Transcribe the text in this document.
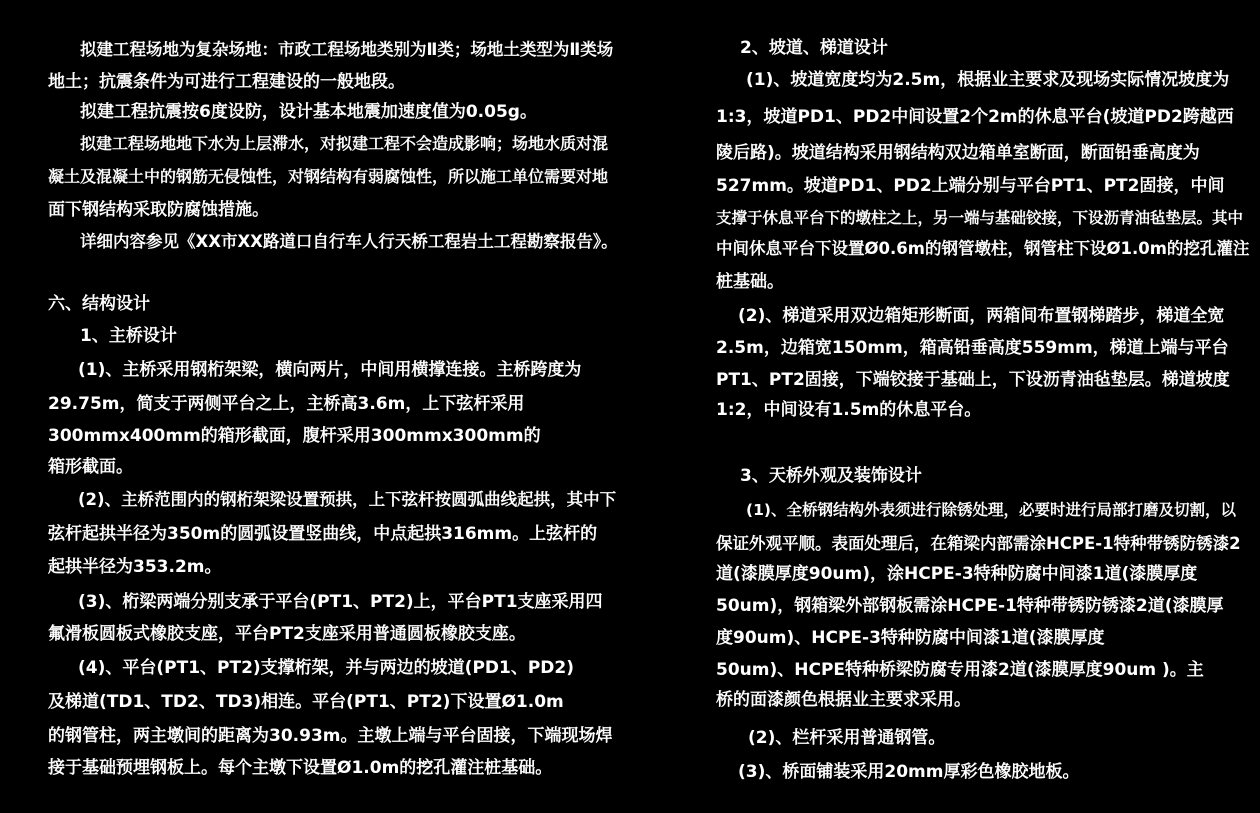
拟建工程场地为复杂场地：市政工程场地类别为Ⅱ类；场地土类型为Ⅱ类场
地土；抗震条件为可进行工程建设的一般地段。
拟建工程抗震按6度设防，设计基本地震加速度值为0.05g。
拟建工程场地地下水为上层滞水，对拟建工程不会造成影响；场地水质对混
凝土及混凝土中的钢筋无侵蚀性，对钢结构有弱腐蚀性，所以施工单位需要对地
面下钢结构采取防腐蚀措施。
详细内容参见《XX市XX路道口自行车人行天桥工程岩土工程勘察报告》。
六、结构设计
1、主桥设计
(1)、主桥采用钢桁架梁，横向两片，中间用横撑连接。主桥跨度为
29.75m，简支于两侧平台之上，主桥高3.6m，上下弦杆采用
300mmx400mm的箱形截面，腹杆采用300mmx300mm的
箱形截面。
(2)、主桥范围内的钢桁架梁设置预拱，上下弦杆按圆弧曲线起拱，其中下
弦杆起拱半径为350m的圆弧设置竖曲线，中点起拱316mm。上弦杆的
起拱半径为353.2m。
(3)、桁梁两端分别支承于平台(PT1、PT2)上，平台PT1支座采用四
氟滑板圆板式橡胶支座，平台PT2支座采用普通圆板橡胶支座。
(4)、平台(PT1、PT2)支撑桁架，并与两边的坡道(PD1、PD2)
及梯道(TD1、TD2、TD3)相连。平台(PT1、PT2)下设置Ø1.0m
的钢管柱，两主墩间的距离为30.93m。主墩上端与平台固接，下端现场焊
接于基础预埋钢板上。每个主墩下设置Ø1.0m的挖孔灌注桩基础。
2、坡道、梯道设计
(1)、坡道宽度均为2.5m，根据业主要求及现场实际情况坡度为
1:3，坡道PD1、PD2中间设置2个2m的休息平台(坡道PD2跨越西
陵后路)。坡道结构采用钢结构双边箱单室断面，断面铅垂高度为
527mm。坡道PD1、PD2上端分别与平台PT1、PT2固接，中间
支撑于休息平台下的墩柱之上，另一端与基础铰接，下设沥青油毡垫层。其中
中间休息平台下设置Ø0.6m的钢管墩柱，钢管柱下设Ø1.0m的挖孔灌注
桩基础。
(2)、梯道采用双边箱矩形断面，两箱间布置钢梯踏步，梯道全宽
2.5m，边箱宽150mm，箱高铅垂高度559mm，梯道上端与平台
PT1、PT2固接，下端铰接于基础上，下设沥青油毡垫层。梯道坡度
1:2，中间设有1.5m的休息平台。
3、天桥外观及装饰设计
(1)、全桥钢结构外表须进行除锈处理，必要时进行局部打磨及切割，以
保证外观平顺。表面处理后，在箱梁内部需涂HCPE-1特种带锈防锈漆2
道(漆膜厚度90um)，涂HCPE-3特种防腐中间漆1道(漆膜厚度
50um)，钢箱梁外部钢板需涂HCPE-1特种带锈防锈漆2道(漆膜厚
度90um)、HCPE-3特种防腐中间漆1道(漆膜厚度
50um)、HCPE特种桥梁防腐专用漆2道(漆膜厚度90um )。主
桥的面漆颜色根据业主要求采用。
(2)、栏杆采用普通钢管。
(3)、桥面铺装采用20mm厚彩色橡胶地板。
